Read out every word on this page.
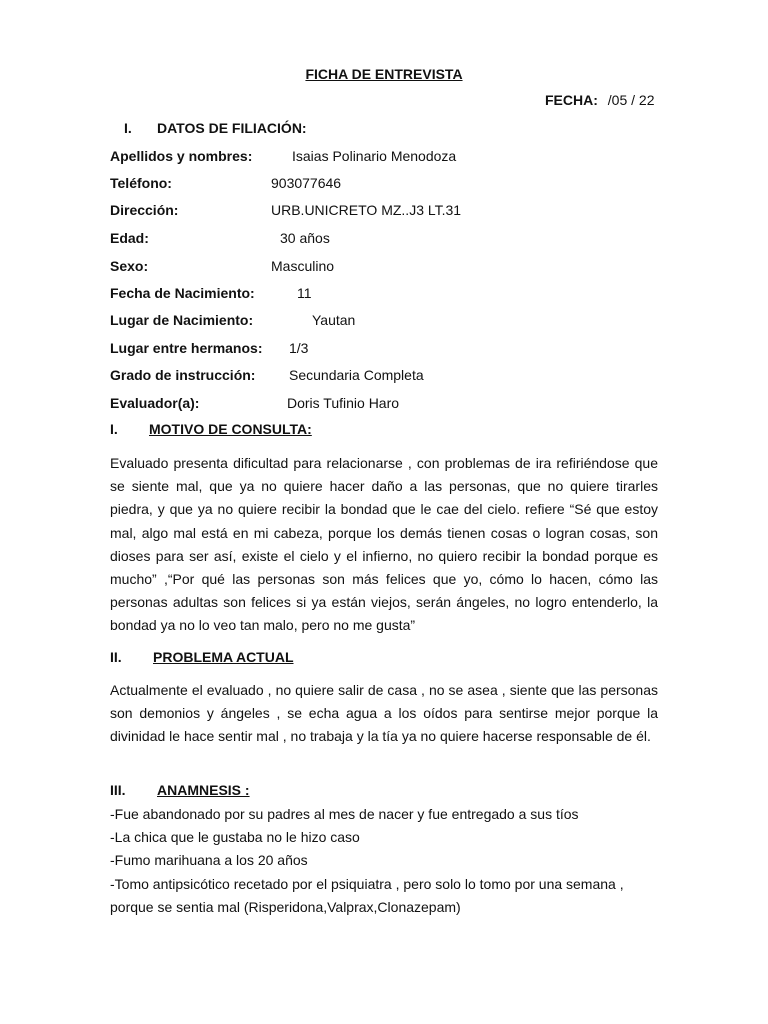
FICHA DE ENTREVISTA
FECHA: /05 / 22
I. DATOS DE FILIACIÓN:
Apellidos y nombres:	Isaias Polinario Menodoza
Teléfono:	903077646
Dirección:	URB.UNICRETO MZ..J3 LT.31
Edad:	30 años
Sexo:	Masculino
Fecha de Nacimiento:	11
Lugar de Nacimiento:	Yautan
Lugar entre hermanos: 1/3
Grado de instrucción: Secundaria Completa
Evaluador(a):	Doris Tufinio Haro
I. MOTIVO DE CONSULTA:

Evaluado presenta dificultad para relacionarse , con problemas de ira refiriéndose que se siente mal, que ya no quiere hacer daño a las personas, que no quiere tirarles piedra, y que ya no quiere recibir la bondad que le cae del cielo. refiere “Sé que estoy mal, algo mal está en mi cabeza, porque los demás tienen cosas o logran cosas, son dioses para ser así, existe el cielo y el infierno, no quiero recibir la bondad porque es mucho” ,“Por qué las personas son más felices que yo, cómo lo hacen, cómo las personas adultas son felices si ya están viejos, serán ángeles, no logro entenderlo, la bondad ya no lo veo tan malo, pero no me gusta”

II. PROBLEMA ACTUAL

Actualmente el evaluado , no quiere salir de casa , no se asea , siente que las personas son demonios y ángeles , se echa agua a los oídos para sentirse mejor porque la divinidad le hace sentir mal , no trabaja y la tía ya no quiere hacerse responsable de él.

III. ANAMNESIS :
-Fue abandonado por su padres al mes de nacer y fue entregado a sus tíos
-La chica que le gustaba no le hizo caso
-Fumo marihuana a los 20 años
-Tomo antipsicótico recetado por el psiquiatra , pero solo lo tomo por una semana ,
porque se sentia mal (Risperidona,Valprax,Clonazepam)
